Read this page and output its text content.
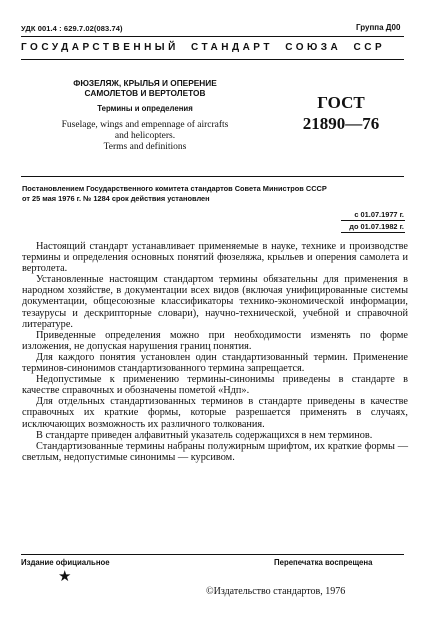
УДК 001.4 : 629.7.02(083.74)	Группа Д00
ГОСУДАРСТВЕННЫЙ СТАНДАРТ СОЮЗА ССР
ФЮЗЕЛЯЖ, КРЫЛЬЯ И ОПЕРЕНИЕ
САМОЛЕТОВ И ВЕРТОЛЕТОВ
Термины и определения
Fuselage, wings and empennage of aircrafts
and helicopters.
Terms and definitions
ГОСТ
21890—76
Постановлением Государственного комитета стандартов Совета Министров СССР
от 25 мая 1976 г. № 1284 срок действия установлен
с 01.07.1977 г.
до 01.07.1982 г.

Настоящий стандарт устанавливает применяемые в науке, технике и производстве термины и определения основных понятий фюзеляжа, крыльев и оперения самолета и вертолета.

Установленные настоящим стандартом термины обязательны для применения в народном хозяйстве, в документации всех видов (включая унифицированные системы документации, общесоюзные классификаторы технико-экономической информации, тезаурусы и дескрипторные словари), научно-технической, учебной и справочной литературе.

Приведенные определения можно при необходимости изменять по форме изложения, не допуская нарушения границ понятия.

Для каждого понятия установлен один стандартизованный термин. Применение терминов-синонимов стандартизованного термина запрещается.

Недопустимые к применению термины-синонимы приведены в стандарте в качестве справочных и обозначены пометой «Ндп».

Для отдельных стандартизованных терминов в стандарте приведены в качестве справочных их краткие формы, которые разрешается применять в случаях, исключающих возможность их различного толкования.

В стандарте приведен алфавитный указатель содержащихся в нем терминов.

Стандартизованные термины набраны полужирным шрифтом, их краткие формы — светлым, недопустимые синонимы — курсивом.

Издание официальное
★
Перепечатка воспрещена
©Издательство стандартов, 1976
